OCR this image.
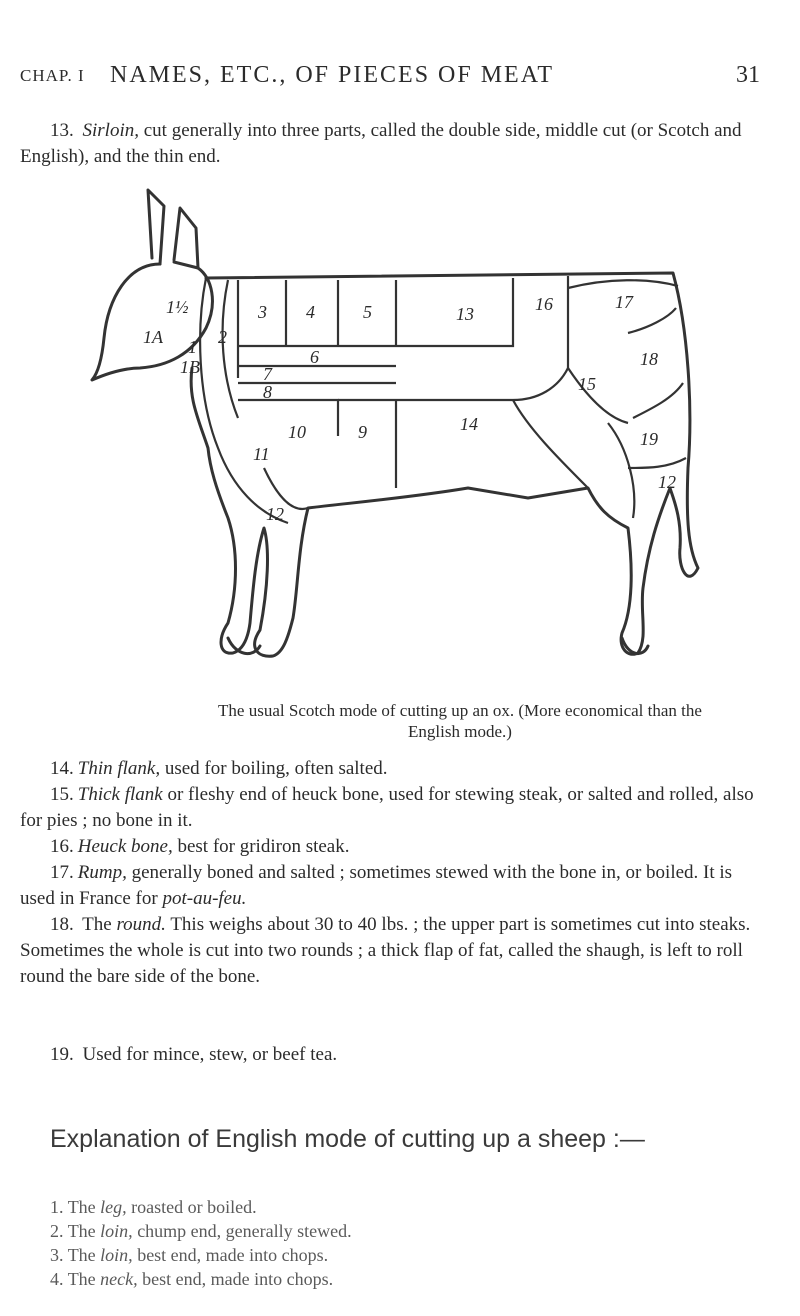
CHAP. I NAMES, ETC., OF PIECES OF MEAT	31
13. Sirloin, cut generally into three parts, called the double side, middle cut (or Scotch and English), and the thin end.
1A 1 2
3 4	5
6
7
8
9
10
11
12
13
14
15
16	17
18
19
1B
1½
12
The usual Scotch mode of cutting up an ox. (More economical than the
English mode.)
14. Thin flank, used for boiling, often salted.
15. Thick flank or fleshy end of heuck bone, used for stewing steak, or salted and rolled, also for pies ; no bone in it.
16. Heuck bone, best for gridiron steak.
17. Rump, generally boned and salted ; sometimes stewed with the bone in, or boiled. It is used in France for pot-au-feu.
18. The round. This weighs about 30 to 40 lbs. ; the upper part is sometimes cut into steaks. Sometimes the whole is cut into two rounds ; a thick flap of fat, called the shaugh, is left to roll round the bare side of the bone.
19. Used for mince, stew, or beef tea.
Explanation of English mode of cutting up a sheep :—
1. The leg, roasted or boiled.
2. The loin, chump end, generally stewed.
3. The loin, best end, made into chops.
4. The neck, best end, made into chops.
